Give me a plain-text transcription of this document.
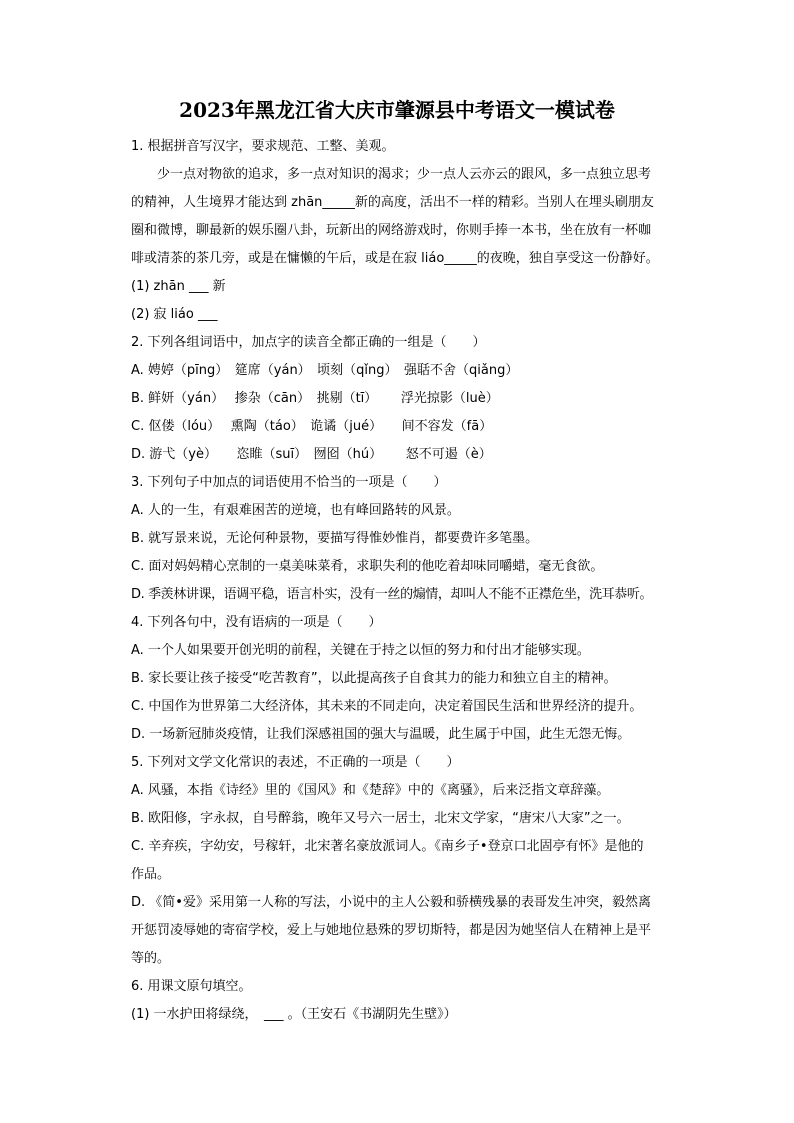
2023年黑龙江省大庆市肇源县中考语文一模试卷
1. 根据拼音写汉字，要求规范、工整、美观。
少一点对物欲的追求，多一点对知识的渴求；少一点人云亦云的跟风，多一点独立思考
的精神，人生境界才能达到 zhān_____新的高度，活出不一样的精彩。当别人在埋头刷朋友
圈和微博，聊最新的娱乐圈八卦，玩新出的网络游戏时，你则手捧一本书，坐在放有一杯咖
啡或清茶的茶几旁，或是在慵懒的午后，或是在寂 liáo_____的夜晚，独自享受这一份静好。
(1) zhān ___ 新
(2) 寂 liáo ___
2. 下列各组词语中，加点字的读音全都正确的一组是（　　）
A. 娉婷（pīng）　筵席（yán）　顷刻（qǐng）　强聒不舍（qiǎng）
B. 鲜妍（yán）　 掺杂（cān）　挑剔（tī）　　 浮光掠影（luè）
C. 伛偻（lóu）　 熏陶（táo）　诡谲（jué）　　间不容发（fā）
D. 游弋（yè）　　恣睢（suī）　囫囵（hú）　　 怒不可遏（è）
3. 下列句子中加点的词语使用不恰当的一项是（　　）
A. 人的一生，有艰难困苦的逆境，也有峰回路转的风景。
B. 就写景来说，无论何种景物，要描写得惟妙惟肖，都要费许多笔墨。
C. 面对妈妈精心烹制的一桌美味菜肴，求职失利的他吃着却味同嚼蜡，毫无食欲。
D. 季羡林讲课，语调平稳，语言朴实，没有一丝的煽情，却叫人不能不正襟危坐，洗耳恭听。
4. 下列各句中，没有语病的一项是（　　）
A. 一个人如果要开创光明的前程，关键在于持之以恒的努力和付出才能够实现。
B. 家长要让孩子接受“吃苦教育”，以此提高孩子自食其力的能力和独立自主的精神。
C. 中国作为世界第二大经济体，其未来的不同走向，决定着国民生活和世界经济的提升。
D. 一场新冠肺炎疫情，让我们深感祖国的强大与温暖，此生属于中国，此生无怨无悔。
5. 下列对文学文化常识的表述，不正确的一项是（　　）
A. 风骚，本指《诗经》里的《国风》和《楚辞》中的《离骚》，后来泛指文章辞藻。
B. 欧阳修，字永叔，自号醉翁，晚年又号六一居士，北宋文学家，“唐宋八大家”之一。
C. 辛弃疾，字幼安，号稼轩，北宋著名豪放派词人。《南乡子•登京口北固亭有怀》是他的
作品。
D. 《简•爱》采用第一人称的写法，小说中的主人公毅和骄横残暴的表哥发生冲突，毅然离
开惩罚凌辱她的寄宿学校，爱上与她地位悬殊的罗切斯特，都是因为她坚信人在精神上是平
等的。
6. 用课文原句填空。
(1) 一水护田将绿绕，　___ 。（王安石《书湖阴先生壁》）
